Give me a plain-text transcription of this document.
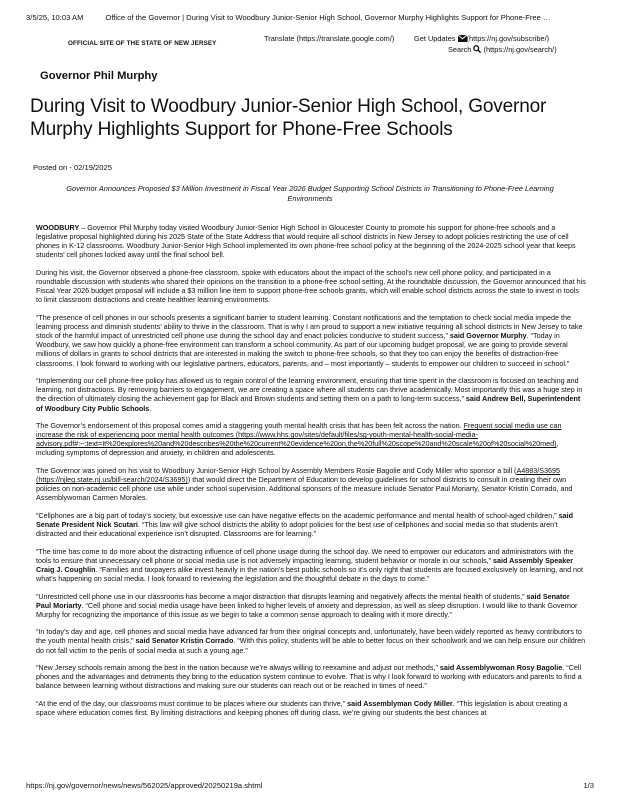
3/5/25, 10:03 AM	Office of the Governor | During Visit to Woodbury Junior-Senior High School, Governor Murphy Highlights Support for Phone-Free …
OFFICIAL SITE OF THE STATE OF NEW JERSEY
Translate (https://translate.google.com/)	Get Updates (https://nj.gov/subscribe/)
Search (https://nj.gov/search/)
Governor Phil Murphy
During Visit to Woodbury Junior-Senior High School, Governor Murphy Highlights Support for Phone-Free Schools
Posted on - 02/19/2025
Governor Announces Proposed $3 Million Investment in Fiscal Year 2026 Budget Supporting School Districts in Transitioning to Phone-Free Learning Environments

WOODBURY – Governor Phil Murphy today visited Woodbury Junior-Senior High School in Gloucester County to promote his support for phone-free schools and a legislative proposal highlighted during his 2025 State of the State Address that would require all school districts in New Jersey to adopt policies restricting the use of cell phones in K-12 classrooms. Woodbury Junior-Senior High School implemented its own phone-free school policy at the beginning of the 2024-2025 school year that keeps students’ cell phones locked away until the final school bell.

During his visit, the Governor observed a phone-free classroom, spoke with educators about the impact of the school’s new cell phone policy, and participated in a roundtable discussion with students who shared their opinions on the transition to a phone-free school setting. At the roundtable discussion, the Governor announced that his Fiscal Year 2026 budget proposal will include a $3 million line item to support phone-free schools grants, which will enable school districts across the state to invest in tools to limit classroom distractions and create healthier learning environments.

“The presence of cell phones in our schools presents a significant barrier to student learning. Constant notifications and the temptation to check social media impede the learning process and diminish students’ ability to thrive in the classroom. That is why I am proud to support a new initiative requiring all school districts in New Jersey to take stock of the harmful impact of unrestricted cell phone use during the school day and enact policies conducive to student success,” said Governor Murphy. “Today in Woodbury, we saw how quickly a phone-free environment can transform a school community. As part of our upcoming budget proposal, we are going to provide several millions of dollars in grants to school districts that are interested in making the switch to phone-free schools, so that they too can enjoy the benefits of distraction-free classrooms. I look forward to working with our legislative partners, educators, parents, and – most importantly – students to empower our children to succeed in school.”

“Implementing our cell phone-free policy has allowed us to regain control of the learning environment, ensuring that time spent in the classroom is focused on teaching and learning, not distractions. By removing barriers to engagement, we are creating a space where all students can thrive academically. Most importantly this was a huge step in the direction of ultimately closing the achievement gap for Black and Brown students and setting them on a path to long-term success,” said Andrew Bell, Superintendent of Woodbury City Public Schools.

The Governor’s endorsement of this proposal comes amid a staggering youth mental health crisis that has been felt across the nation. Frequent social media use can increase the risk of experiencing poor mental health outcomes (https://www.hhs.gov/sites/default/files/sg-youth-mental-health-social-media-advisory.pdf#:~:text=It%20explores%20and%20describes%20the%20current%20evidence%20on,the%20full%20scope%20and%20scale%20of%20social%20med), including symptoms of depression and anxiety, in children and adolescents.

The Governor was joined on his visit to Woodbury Junior-Senior High School by Assembly Members Rosie Bagolie and Cody Miller who sponsor a bill (A4883/S3695 (https://njleg.state.nj.us/bill-search/2024/S3695)) that would direct the Department of Education to develop guidelines for school districts to consult in creating their own policies on non-academic cell phone use while under school supervision. Additional sponsors of the measure include Senator Paul Moriarty, Senator Kristin Corrado, and Assemblywoman Carmen Morales.

“Cellphones are a big part of today’s society, but excessive use can have negative effects on the academic performance and mental health of school-aged children,” said Senate President Nick Scutari. “This law will give school districts the ability to adopt policies for the best use of cellphones and social media so that students aren’t distracted and their educational experience isn’t disrupted. Classrooms are for learning.”

“The time has come to do more about the distracting influence of cell phone usage during the school day. We need to empower our educators and administrators with the tools to ensure that unnecessary cell phone or social media use is not adversely impacting learning, student behavior or morale in our schools,” said Assembly Speaker Craig J. Coughlin. “Families and taxpayers alike invest heavily in the nation’s best public schools so it’s only right that students are focused exclusively on learning, and not what’s happening on social media. I look forward to reviewing the legislation and the thoughtful debate in the days to come.”

“Unrestricted cell phone use in our classrooms has become a major distraction that disrupts learning and negatively affects the mental health of students,” said Senator Paul Moriarty. “Cell phone and social media usage have been linked to higher levels of anxiety and depression, as well as sleep disruption. I would like to thank Governor Murphy for recognizing the importance of this issue as we begin to take a common sense approach to dealing with it more directly.”

“In today’s day and age, cell phones and social media have advanced far from their original concepts and, unfortunately, have been widely reported as heavy contributors to the youth mental health crisis,” said Senator Kristin Corrado. “With this policy, students will be able to better focus on their schoolwork and we can help ensure our children do not fall victim to the perils of social media at such a young age.”

“New Jersey schools remain among the best in the nation because we’re always willing to reexamine and adjust our methods,” said Assemblywoman Rosy Bagolie. “Cell phones and the advantages and detriments they bring to the education system continue to evolve. That is why I look forward to working with educators and parents to find a balance between learning without distractions and making sure our students can reach out or be reached in times of need.”

“At the end of the day, our classrooms must continue to be places where our students can thrive,” said Assemblyman Cody Miller. “This legislation is about creating a space where education comes first. By limiting distractions and keeping phones off during class, we’re giving our students the best chances at

https://nj.gov/governor/news/news/562025/approved/20250219a.shtml	1/3
